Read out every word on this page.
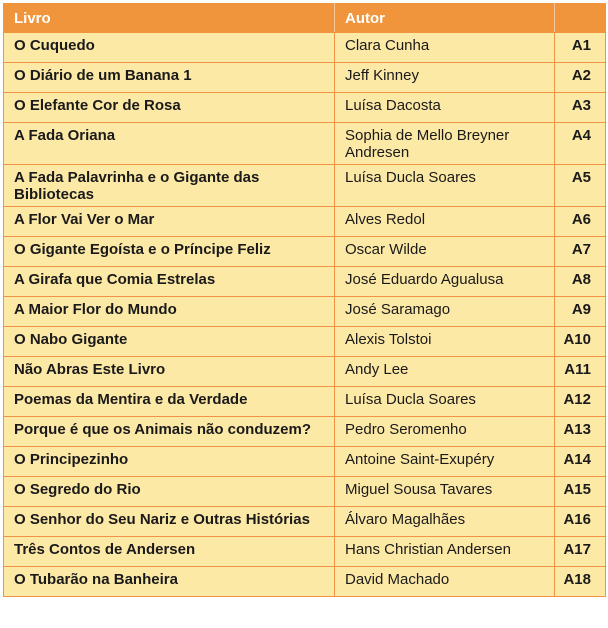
Livro	Autor	
O Cuquedo	Clara Cunha	A1
O Diário de um Banana 1	Jeff Kinney	A2
O Elefante Cor de Rosa	Luísa Dacosta	A3
A Fada Oriana	Sophia de Mello Breyner Andresen	A4
A Fada Palavrinha e o Gigante das Bibliotecas	Luísa Ducla Soares	A5
A Flor Vai Ver o Mar	Alves Redol	A6
O Gigante Egoísta e o Príncipe Feliz	Oscar Wilde	A7
A Girafa que Comia Estrelas	José Eduardo Agualusa	A8
A Maior Flor do Mundo	José Saramago	A9
O Nabo Gigante	Alexis Tolstoi	A10
Não Abras Este Livro	Andy Lee	A11
Poemas da Mentira e da Verdade	Luísa Ducla Soares	A12
Porque é que os Animais não conduzem?	Pedro Seromenho	A13
O Principezinho	Antoine Saint-Exupéry	A14
O Segredo do Rio	Miguel Sousa Tavares	A15
O Senhor do Seu Nariz e Outras Histórias	Álvaro Magalhães	A16
Três Contos de Andersen	Hans Christian Andersen	A17
O Tubarão na Banheira	David Machado	A18
